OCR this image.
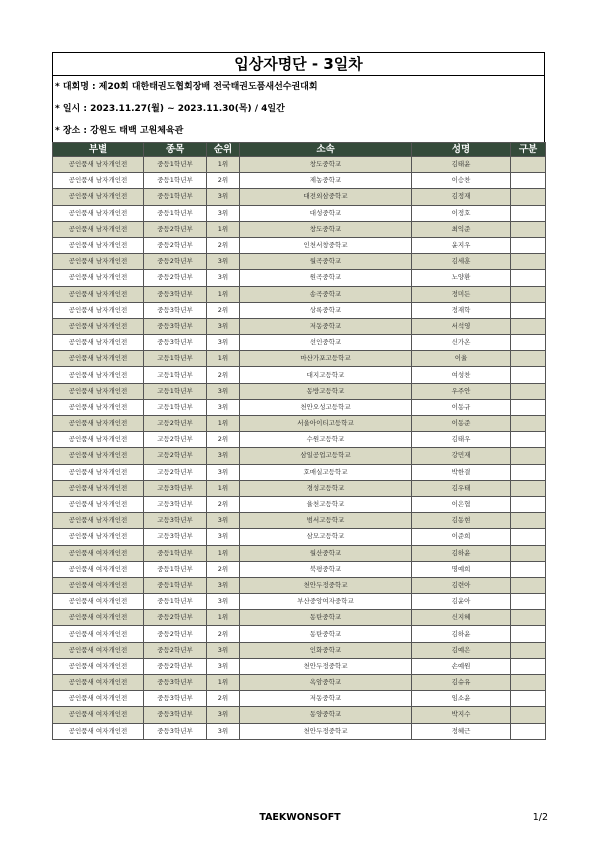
입상자명단 - 3일차
* 대회명 : 제20회 대한태권도협회장배 전국태권도품새선수권대회
* 일시 : 2023.11.27(월) ~ 2023.11.30(목) / 4일간
* 장소 : 강원도 태백 고원체육관
부별	종목	순위	소속	성명	구분
공인품새 남자개인전	중등1학년부	1위	창도중학교	김태윤	
공인품새 남자개인전	중등1학년부	2위	제농중학교	이승찬	
공인품새 남자개인전	중등1학년부	3위	대전외삼중학교	김정재	
공인품새 남자개인전	중등1학년부	3위	대성중학교	이정호	
공인품새 남자개인전	중등2학년부	1위	창도중학교	최익준	
공인품새 남자개인전	중등2학년부	2위	인천서창중학교	윤지우	
공인품새 남자개인전	중등2학년부	3위	월곡중학교	김세훈	
공인품새 남자개인전	중등2학년부	3위	원곡중학교	노양환	
공인품새 남자개인전	중등3학년부	1위	송곡중학교	정미든	
공인품새 남자개인전	중등3학년부	2위	상록중학교	정재학	
공인품새 남자개인전	중등3학년부	3위	저동중학교	서석영	
공인품새 남자개인전	중등3학년부	3위	선인중학교	신가온	
공인품새 남자개인전	고등1학년부	1위	마산가포고등학교	이율	
공인품새 남자개인전	고등1학년부	2위	대지고등학교	여성찬	
공인품새 남자개인전	고등1학년부	3위	동방고등학교	우주안	
공인품새 남자개인전	고등1학년부	3위	천안오성고등학교	이동규	
공인품새 남자개인전	고등2학년부	1위	서울아이티고등학교	이동준	
공인품새 남자개인전	고등2학년부	2위	수원고등학교	김태우	
공인품새 남자개인전	고등2학년부	3위	삼일공업고등학교	강민재	
공인품새 남자개인전	고등2학년부	3위	호매실고등학교	박한결	
공인품새 남자개인전	고등3학년부	1위	경성고등학교	김우태	
공인품새 남자개인전	고등3학년부	2위	율천고등학교	이은협	
공인품새 남자개인전	고등3학년부	3위	범서고등학교	김동현	
공인품새 남자개인전	고등3학년부	3위	삼모고등학교	이준희	
공인품새 여자개인전	중등1학년부	1위	월산중학교	김하윤	
공인품새 여자개인전	중등1학년부	2위	북평중학교	명예희	
공인품새 여자개인전	중등1학년부	3위	천안두정중학교	김련아	
공인품새 여자개인전	중등1학년부	3위	부산중앙여자중학교	김윤아	
공인품새 여자개인전	중등2학년부	1위	동탄중학교	신지혜	
공인품새 여자개인전	중등2학년부	2위	동탄중학교	김하윤	
공인품새 여자개인전	중등2학년부	3위	인화중학교	김예은	
공인품새 여자개인전	중등2학년부	3위	천안두정중학교	손예원	
공인품새 여자개인전	중등3학년부	1위	옥암중학교	김슈유	
공인품새 여자개인전	중등3학년부	2위	저동중학교	임소윤	
공인품새 여자개인전	중등3학년부	3위	동양중학교	박지수	
공인품새 여자개인전	중등3학년부	3위	천안두정중학교	정혜근	
TAEKWONSOFT	1/2
